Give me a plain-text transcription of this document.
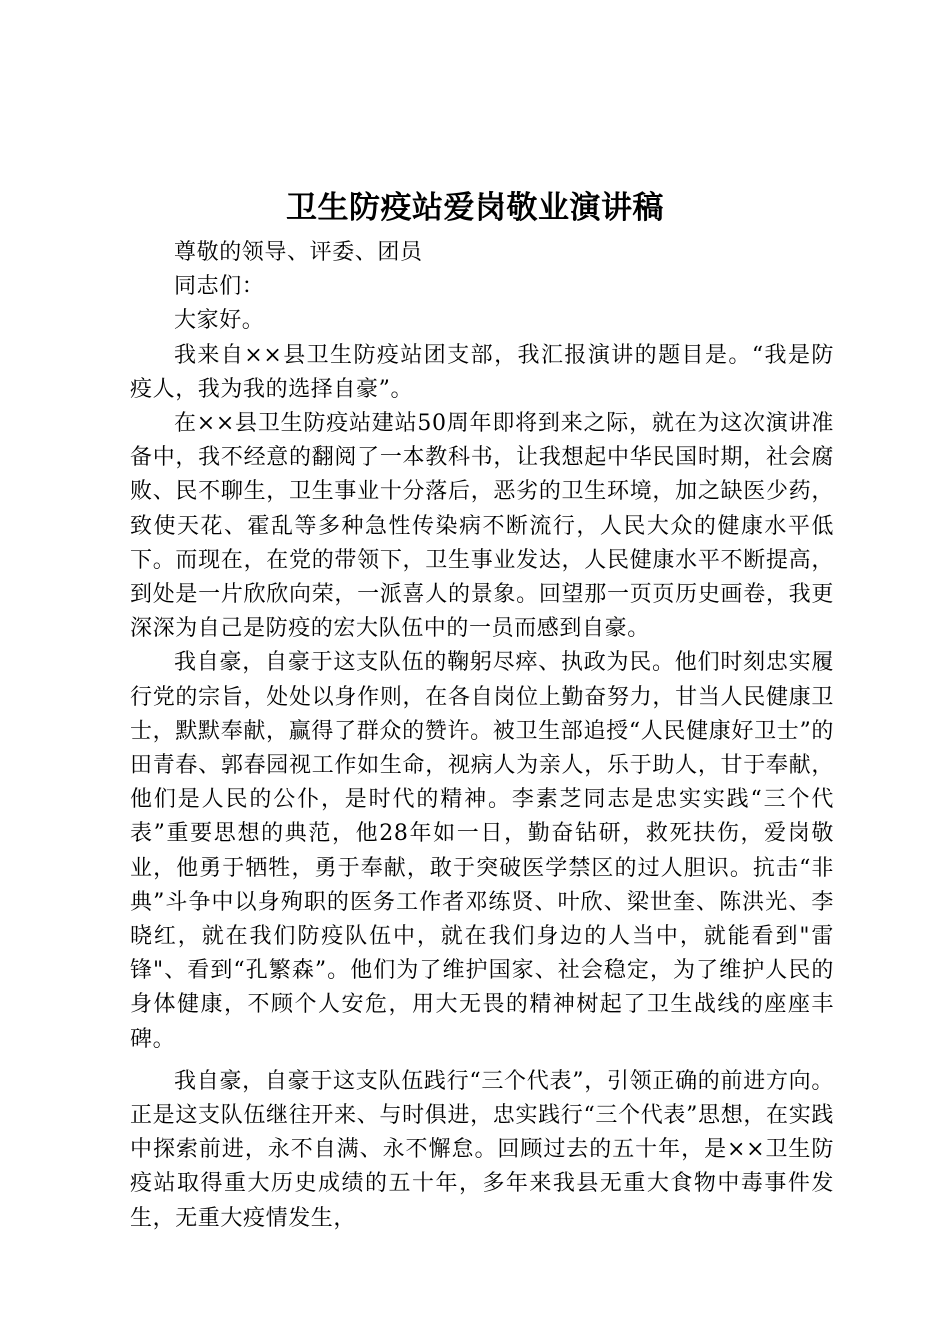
卫生防疫站爱岗敬业演讲稿

尊敬的领导、评委、团员

同志们：

大家好。

我来自××县卫生防疫站团支部，我汇报演讲的题目是。“我是防疫人，我为我的选择自豪”。

在××县卫生防疫站建站50周年即将到来之际，就在为这次演讲准备中，我不经意的翻阅了一本教科书，让我想起中华民国时期，社会腐败、民不聊生，卫生事业十分落后，恶劣的卫生环境，加之缺医少药，致使天花、霍乱等多种急性传染病不断流行，人民大众的健康水平低下。而现在，在党的带领下，卫生事业发达，人民健康水平不断提高，到处是一片欣欣向荣，一派喜人的景象。回望那一页页历史画卷，我更深深为自己是防疫的宏大队伍中的一员而感到自豪。

我自豪，自豪于这支队伍的鞠躬尽瘁、执政为民。他们时刻忠实履行党的宗旨，处处以身作则，在各自岗位上勤奋努力，甘当人民健康卫士，默默奉献，赢得了群众的赞许。被卫生部追授“人民健康好卫士”的田青春、郭春园视工作如生命，视病人为亲人，乐于助人，甘于奉献，他们是人民的公仆，是时代的精神。李素芝同志是忠实实践“三个代表”重要思想的典范，他28年如一日，勤奋钻研，救死扶伤，爱岗敬业，他勇于牺牲，勇于奉献，敢于突破医学禁区的过人胆识。抗击“非典”斗争中以身殉职的医务工作者邓练贤、叶欣、梁世奎、陈洪光、李晓红，就在我们防疫队伍中，就在我们身边的人当中，就能看到"雷锋"、看到“孔繁森”。他们为了维护国家、社会稳定，为了维护人民的身体健康，不顾个人安危，用大无畏的精神树起了卫生战线的座座丰碑。

我自豪，自豪于这支队伍践行“三个代表”，引领正确的前进方向。正是这支队伍继往开来、与时俱进，忠实践行“三个代表”思想，在实践中探索前进，永不自满、永不懈怠。回顾过去的五十年，是××卫生防疫站取得重大历史成绩的五十年，多年来我县无重大食物中毒事件发生，无重大疫情发生，
